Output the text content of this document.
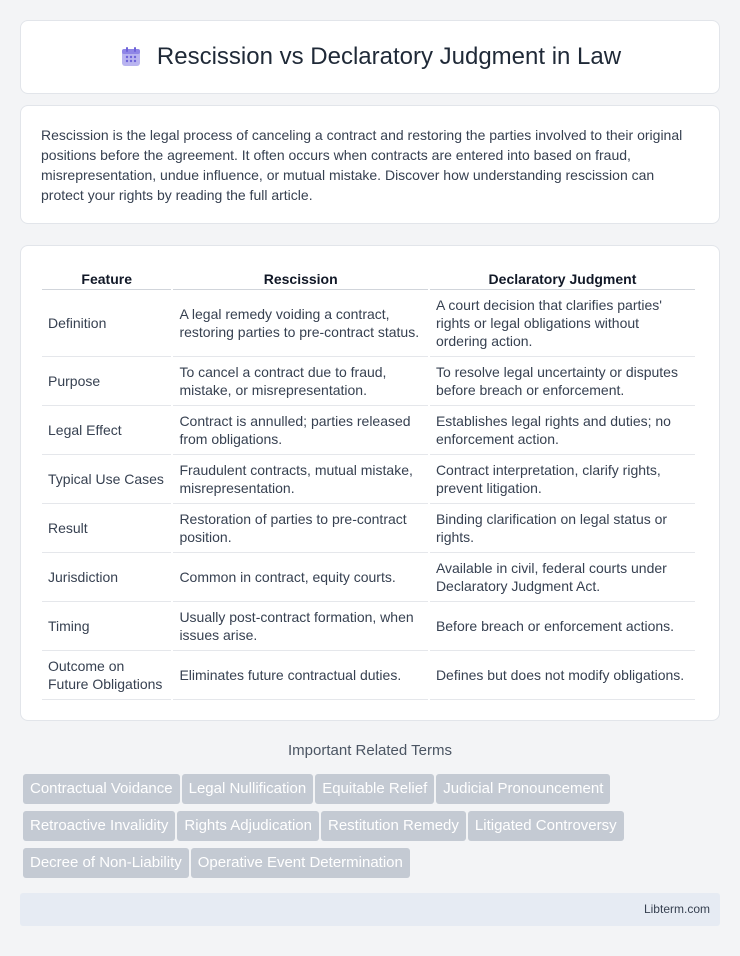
Rescission vs Declaratory Judgment in Law

Rescission is the legal process of canceling a contract and restoring the parties involved to their original positions before the agreement. It often occurs when contracts are entered into based on fraud, misrepresentation, undue influence, or mutual mistake. Discover how understanding rescission can protect your rights by reading the full article.

Feature	Rescission	Declaratory Judgment
Definition	A legal remedy voiding a contract, restoring parties to pre-contract status.	A court decision that clarifies parties' rights or legal obligations without ordering action.
Purpose	To cancel a contract due to fraud, mistake, or misrepresentation.	To resolve legal uncertainty or disputes before breach or enforcement.
Legal Effect	Contract is annulled; parties released from obligations.	Establishes legal rights and duties; no enforcement action.
Typical Use Cases	Fraudulent contracts, mutual mistake, misrepresentation.	Contract interpretation, clarify rights, prevent litigation.
Result	Restoration of parties to pre-contract position.	Binding clarification on legal status or rights.
Jurisdiction	Common in contract, equity courts.	Available in civil, federal courts under Declaratory Judgment Act.
Timing	Usually post-contract formation, when issues arise.	Before breach or enforcement actions.
Outcome on Future Obligations	Eliminates future contractual duties.	Defines but does not modify obligations.
Important Related Terms
Contractual Voidance Legal Nullification Equitable Relief Judicial Pronouncement
Retroactive Invalidity Rights Adjudication Restitution Remedy Litigated Controversy
Decree of Non-Liability Operative Event Determination
Libterm.com
